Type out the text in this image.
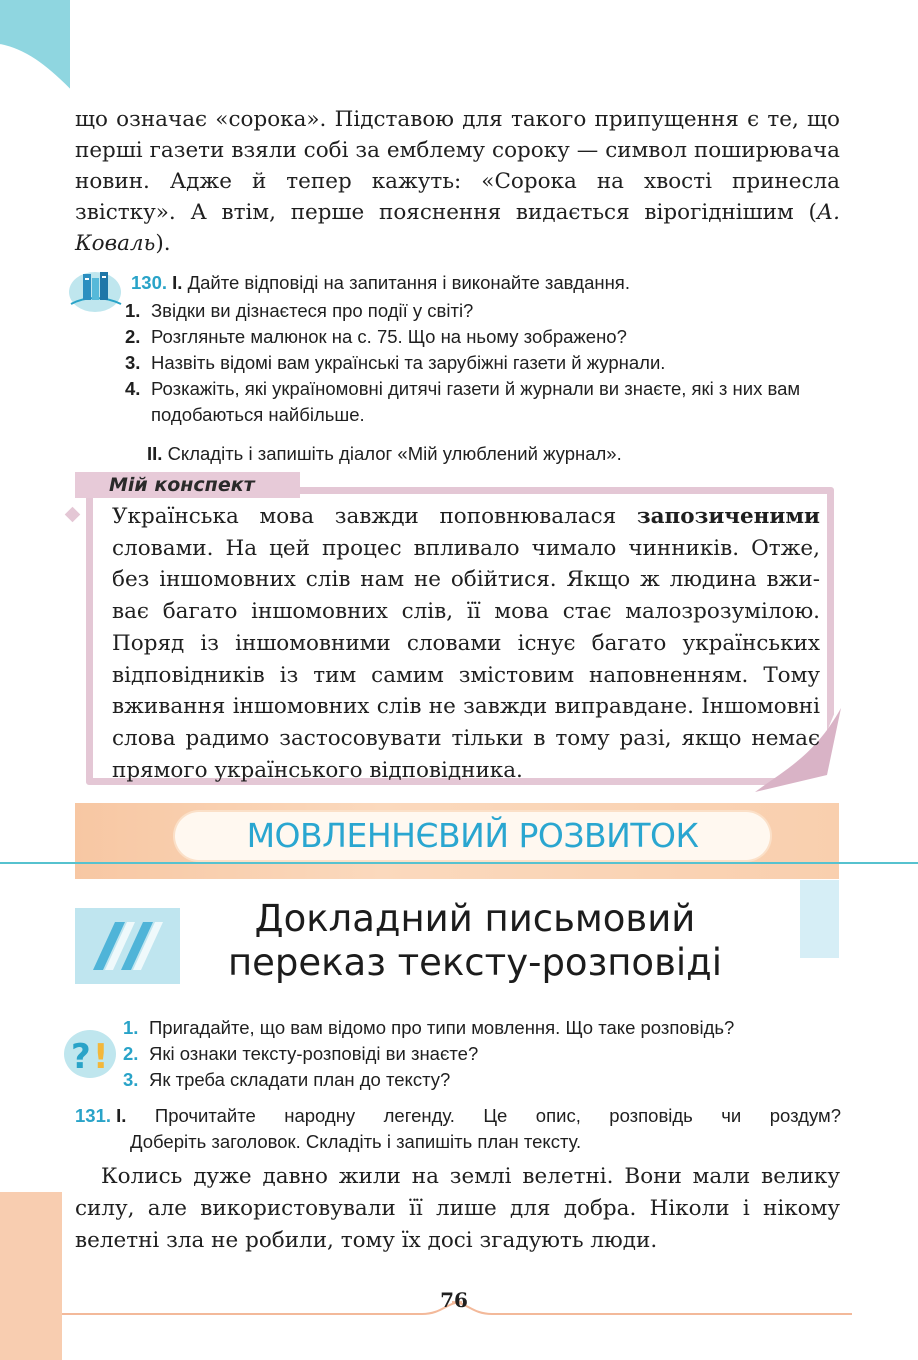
що означає «сорока». Підставою для такого припущення є те, що перші газети взяли собі за емблему сороку — символ поширювача новин. Адже й тепер кажуть: «Сорока на хвості принесла звістку». А втім, перше пояснення видається вірогіднішим (А. Коваль).

130. I. Дайте відповіді на запитання і виконайте завдання.
1. Звідки ви дізнаєтеся про події у світі?
2. Розгляньте малюнок на с. 75. Що на ньому зображено?
3. Назвіть відомі вам українські та зарубіжні газети й журнали.
4. Розкажіть, які україномовні дитячі газети й журнали ви знаєте, які з них вам подобаються найбільше.
II. Складіть і запишіть діалог «Мій улюблений журнал».
Мій конспект

Українська мова завжди поповнювалася запозиченими словами. На цей процес впливало чимало чинників. Отже, без іншомовних слів нам не обійтися. Якщо ж людина вживає багато іншомовних слів, її мова стає малозрозумілою. Поряд із іншомовними словами існує багато українських відповідників із тим самим змістовим наповненням. Тому вживання іншомовних слів не завжди виправдане. Іншомовні слова радимо застосовувати тільки в тому разі, якщо немає прямого українського відповідника.

МОВЛЕННЄВИЙ РОЗВИТОК
Докладний письмовий
переказ тексту-розповіді
? !
1. Пригадайте, що вам відомо про типи мовлення. Що таке розповідь?
2. Які ознаки тексту-розповіді ви знаєте?
3. Як треба складати план до тексту?
131. I. Прочитайте народну легенду. Це опис, розповідь чи роздум?
Доберіть заголовок. Складіть і запишіть план тексту.

Колись дуже давно жили на землі велетні. Вони мали велику силу, але використовували її лише для добра. Ніколи і нікому велетні зла не робили, тому їх досі згадують люди.

76
